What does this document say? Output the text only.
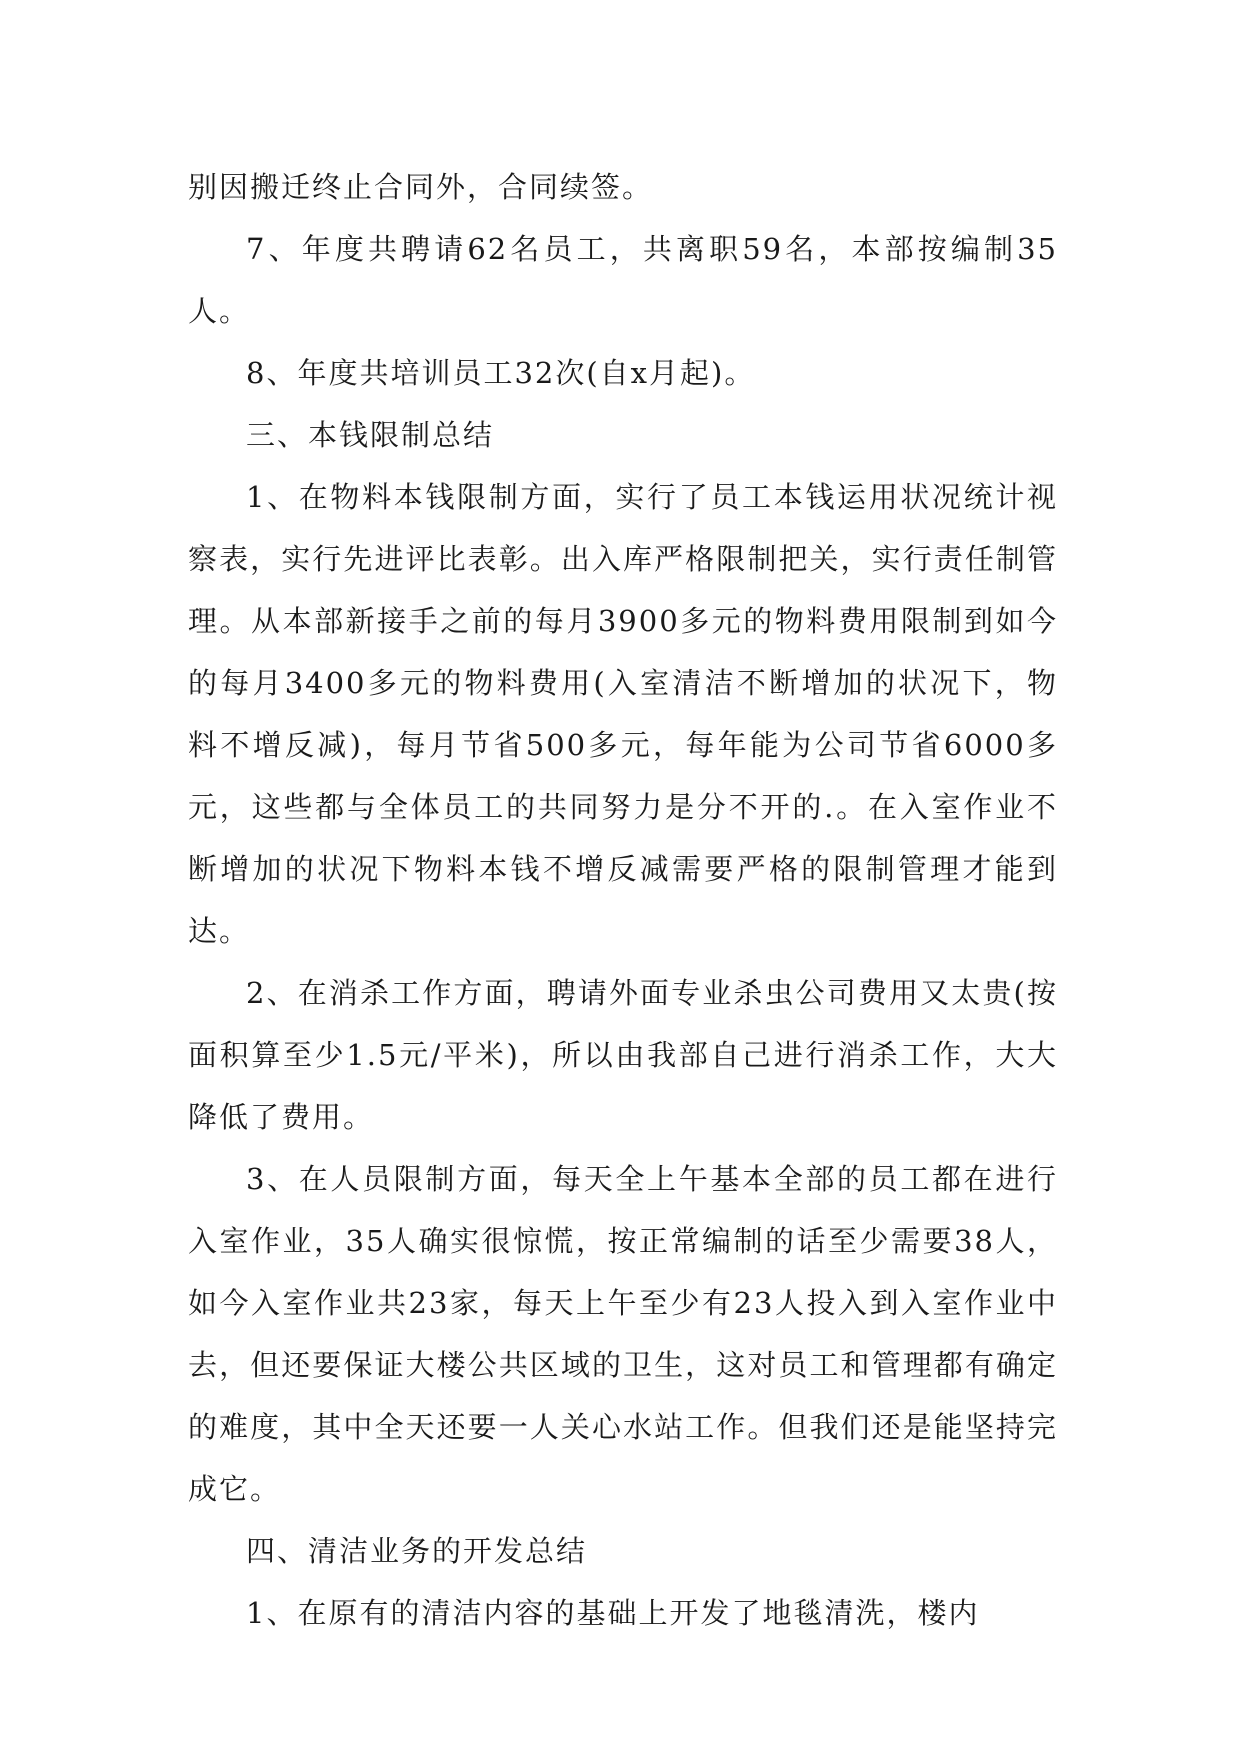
别因搬迁终止合同外，合同续签。

7、年度共聘请62名员工，共离职59名，本部按编制35人。

8、年度共培训员工32次(自x月起)。

三、本钱限制总结

1、在物料本钱限制方面，实行了员工本钱运用状况统计视察表，实行先进评比表彰。出入库严格限制把关，实行责任制管理。从本部新接手之前的每月3900多元的物料费用限制到如今的每月3400多元的物料费用(入室清洁不断增加的状况下，物料不增反减)，每月节省500多元，每年能为公司节省6000多元，这些都与全体员工的共同努力是分不开的.。在入室作业不断增加的状况下物料本钱不增反减需要严格的限制管理才能到达。

2、在消杀工作方面，聘请外面专业杀虫公司费用又太贵(按面积算至少1.5元/平米)，所以由我部自己进行消杀工作，大大降低了费用。

3、在人员限制方面，每天全上午基本全部的员工都在进行入室作业，35人确实很惊慌，按正常编制的话至少需要38人，如今入室作业共23家，每天上午至少有23人投入到入室作业中去，但还要保证大楼公共区域的卫生，这对员工和管理都有确定的难度，其中全天还要一人关心水站工作。但我们还是能坚持完成它。

四、清洁业务的开发总结

1、在原有的清洁内容的基础上开发了地毯清洗，楼内
